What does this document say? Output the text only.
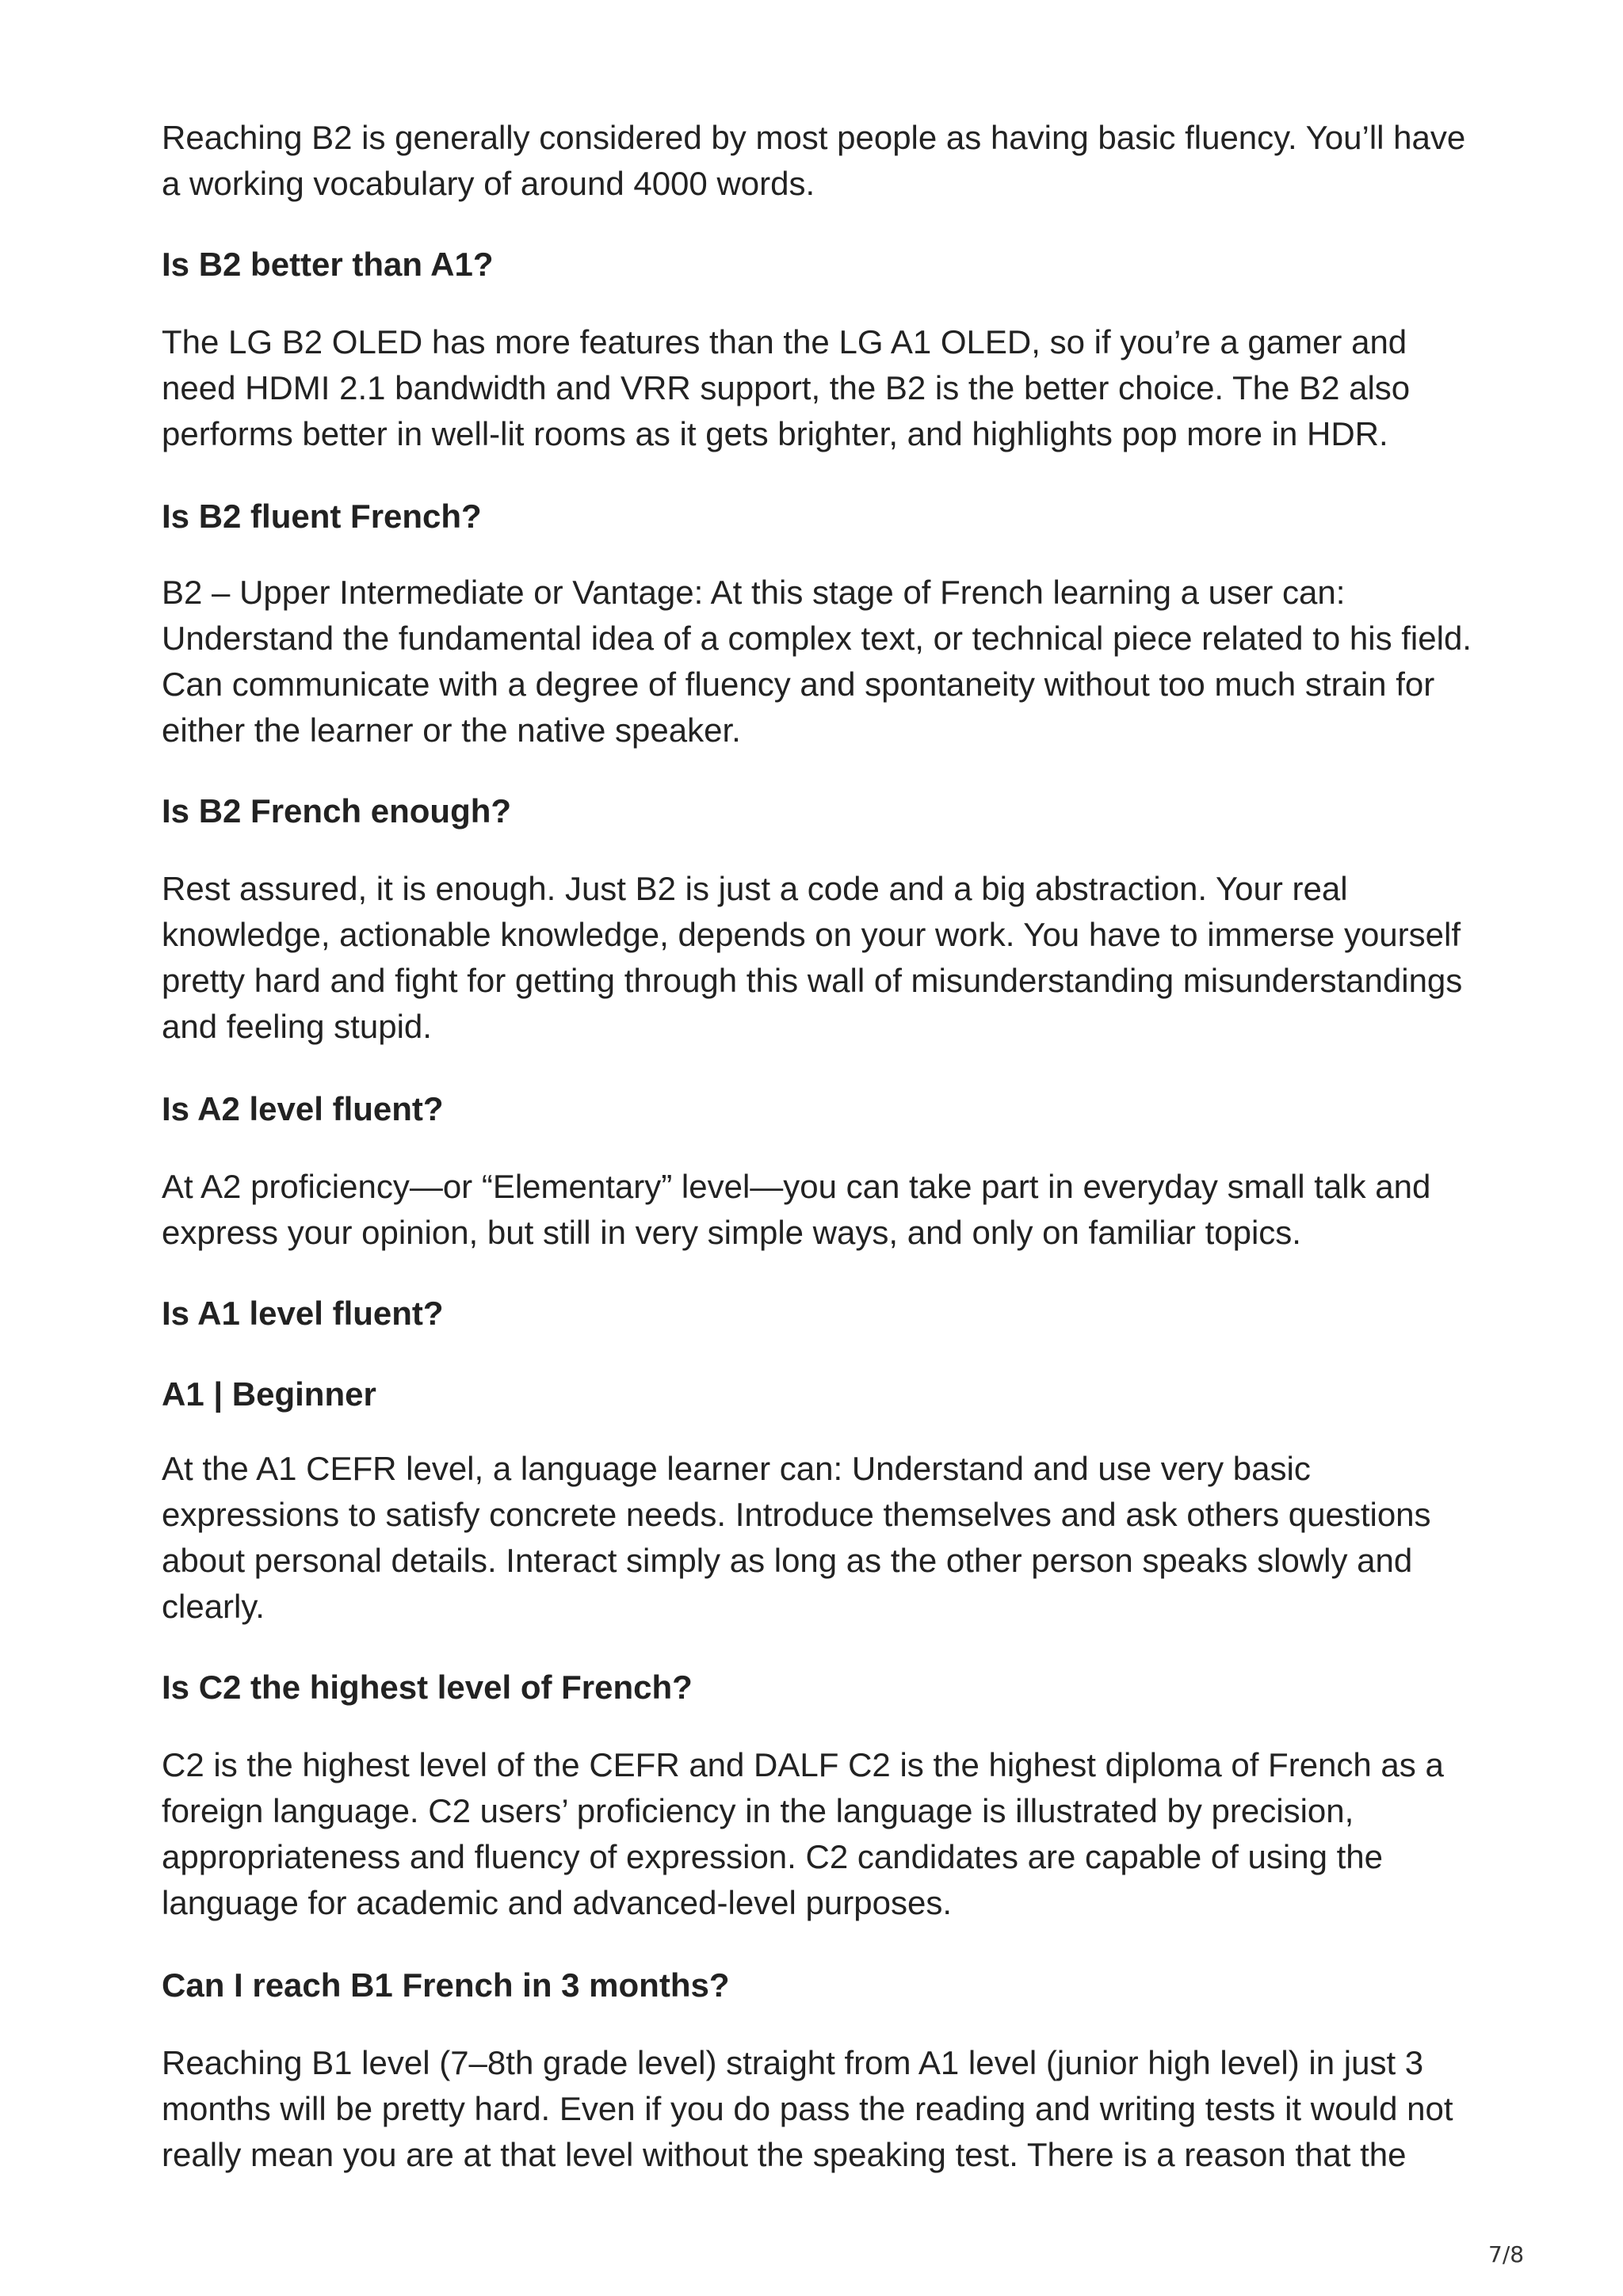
Reaching B2 is generally considered by most people as having basic fluency. You’ll have
a working vocabulary of around 4000 words.
Is B2 better than A1?
The LG B2 OLED has more features than the LG A1 OLED, so if you’re a gamer and
need HDMI 2.1 bandwidth and VRR support, the B2 is the better choice. The B2 also
performs better in well-lit rooms as it gets brighter, and highlights pop more in HDR.
Is B2 fluent French?
B2 – Upper Intermediate or Vantage: At this stage of French learning a user can:
Understand the fundamental idea of a complex text, or technical piece related to his field.
Can communicate with a degree of fluency and spontaneity without too much strain for
either the learner or the native speaker.
Is B2 French enough?
Rest assured, it is enough. Just B2 is just a code and a big abstraction. Your real
knowledge, actionable knowledge, depends on your work. You have to immerse yourself
pretty hard and fight for getting through this wall of misunderstanding misunderstandings
and feeling stupid.
Is A2 level fluent?
At A2 proficiency—or “Elementary” level—you can take part in everyday small talk and
express your opinion, but still in very simple ways, and only on familiar topics.
Is A1 level fluent?
A1 | Beginner
At the A1 CEFR level, a language learner can: Understand and use very basic
expressions to satisfy concrete needs. Introduce themselves and ask others questions
about personal details. Interact simply as long as the other person speaks slowly and
clearly.
Is C2 the highest level of French?
C2 is the highest level of the CEFR and DALF C2 is the highest diploma of French as a
foreign language. C2 users’ proficiency in the language is illustrated by precision,
appropriateness and fluency of expression. C2 candidates are capable of using the
language for academic and advanced-level purposes.
Can I reach B1 French in 3 months?
Reaching B1 level (7–8th grade level) straight from A1 level (junior high level) in just 3
months will be pretty hard. Even if you do pass the reading and writing tests it would not
really mean you are at that level without the speaking test. There is a reason that the
7/8
